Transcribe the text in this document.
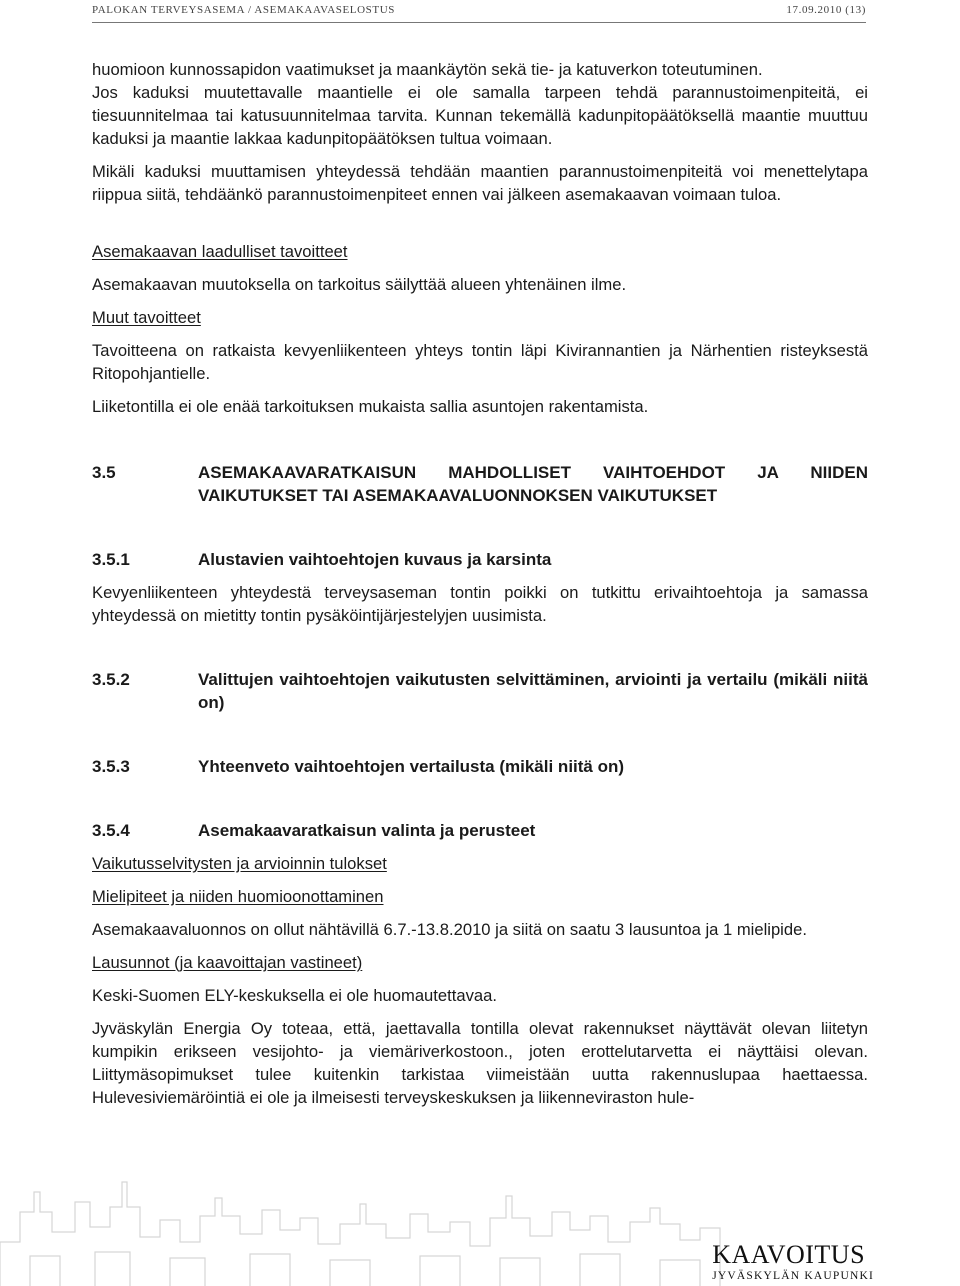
PALOKAN TERVEYSASEMA / ASEMAKAAVASELOSTUS	17.09.2010 (13)

huomioon kunnossapidon vaatimukset ja maankäytön sekä tie- ja katuverkon toteutuminen.

Jos kaduksi muutettavalle maantielle ei ole samalla tarpeen tehdä parannustoimenpiteitä, ei tiesuunnitelmaa tai katusuunnitelmaa tarvita. Kunnan tekemällä kadunpitopäätöksellä maantie muuttuu kaduksi ja maantie lakkaa kadunpitopäätöksen tultua voimaan.

Mikäli kaduksi muuttamisen yhteydessä tehdään maantien parannustoimenpiteitä voi menettelytapa riippua siitä, tehdäänkö parannustoimenpiteet ennen vai jälkeen asemakaavan voimaan tuloa.

Asemakaavan laadulliset tavoitteet

Asemakaavan muutoksella on tarkoitus säilyttää alueen yhtenäinen ilme.

Muut tavoitteet

Tavoitteena on ratkaista kevyenliikenteen yhteys tontin läpi Kivirannantien ja Närhentien risteyksestä Ritopohjantielle.

Liiketontilla ei ole enää tarkoituksen mukaista sallia asuntojen rakentamista.

3.5	ASEMAKAAVARATKAISUN MAHDOLLISET VAIHTOEHDOT JA NIIDEN VAIKUTUKSET TAI ASEMAKAAVALUONNOKSEN VAIKUTUKSET
3.5.1	Alustavien vaihtoehtojen kuvaus ja karsinta

Kevyenliikenteen yhteydestä terveysaseman tontin poikki on tutkittu erivaihtoehtoja ja samassa yhteydessä on mietitty tontin pysäköintijärjestelyjen uusimista.

3.5.2	Valittujen vaihtoehtojen vaikutusten selvittäminen, arviointi ja vertailu (mikäli niitä on)
3.5.3	Yhteenveto vaihtoehtojen vertailusta (mikäli niitä on)
3.5.4	Asemakaavaratkaisun valinta ja perusteet

Vaikutusselvitysten ja arvioinnin tulokset

Mielipiteet ja niiden huomioonottaminen

Asemakaavaluonnos on ollut nähtävillä 6.7.-13.8.2010 ja siitä on saatu 3 lausuntoa ja 1 mielipide.

Lausunnot (ja kaavoittajan vastineet)

Keski-Suomen ELY-keskuksella ei ole huomautettavaa.

Jyväskylän Energia Oy toteaa, että, jaettavalla tontilla olevat rakennukset näyttävät olevan liitetyn kumpikin erikseen vesijohto- ja viemäriverkostoon., joten erottelutarvetta ei näyttäisi olevan. Liittymäsopimukset tulee kuitenkin tarkistaa viimeistään uutta rakennuslupaa haettaessa. Hulevesiviemäröintiä ei ole ja ilmeisesti terveyskeskuksen ja liikenneviraston hule-

KAAVOITUS
JYVÄSKYLÄN KAUPUNKI
